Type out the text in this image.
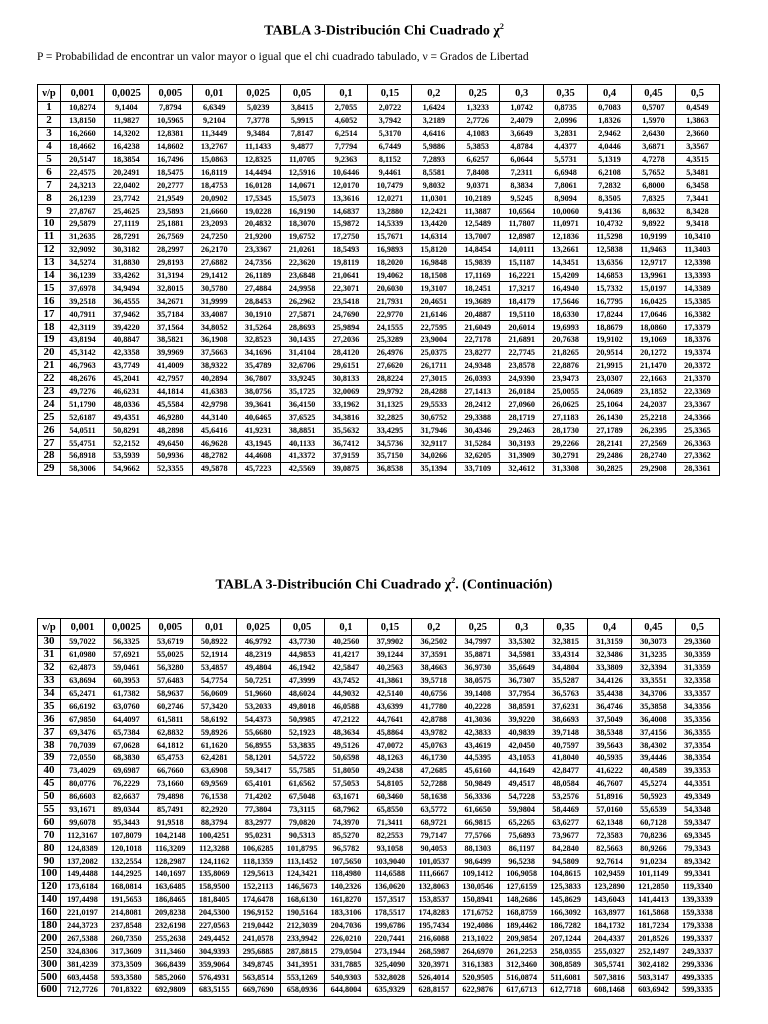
TABLA 3-Distribución Chi Cuadrado $\chi^2$
P = Probabilidad de encontrar un valor mayor o igual que el chi cuadrado tabulado, ν = Grados de Libertad
ν/p	0,001	0,0025	0,005	0,01	0,025	0,05	0,1	0,15	0,2	0,25	0,3	0,35	0,4	0,45	0,5
1	10,8274	9,1404	7,8794	6,6349	5,0239	3,8415	2,7055	2,0722	1,6424	1,3233	1,0742	0,8735	0,7083	0,5707	0,4549
2	13,8150	11,9827	10,5965	9,2104	7,3778	5,9915	4,6052	3,7942	3,2189	2,7726	2,4079	2,0996	1,8326	1,5970	1,3863
3	16,2660	14,3202	12,8381	11,3449	9,3484	7,8147	6,2514	5,3170	4,6416	4,1083	3,6649	3,2831	2,9462	2,6430	2,3660
4	18,4662	16,4238	14,8602	13,2767	11,1433	9,4877	7,7794	6,7449	5,9886	5,3853	4,8784	4,4377	4,0446	3,6871	3,3567
5	20,5147	18,3854	16,7496	15,0863	12,8325	11,0705	9,2363	8,1152	7,2893	6,6257	6,0644	5,5731	5,1319	4,7278	4,3515
6	22,4575	20,2491	18,5475	16,8119	14,4494	12,5916	10,6446	9,4461	8,5581	7,8408	7,2311	6,6948	6,2108	5,7652	5,3481
7	24,3213	22,0402	20,2777	18,4753	16,0128	14,0671	12,0170	10,7479	9,8032	9,0371	8,3834	7,8061	7,2832	6,8000	6,3458
8	26,1239	23,7742	21,9549	20,0902	17,5345	15,5073	13,3616	12,0271	11,0301	10,2189	9,5245	8,9094	8,3505	7,8325	7,3441
9	27,8767	25,4625	23,5893	21,6660	19,0228	16,9190	14,6837	13,2880	12,2421	11,3887	10,6564	10,0060	9,4136	8,8632	8,3428
10	29,5879	27,1119	25,1881	23,2093	20,4832	18,3070	15,9872	14,5339	13,4420	12,5489	11,7807	11,0971	10,4732	9,8922	9,3418
11	31,2635	28,7291	26,7569	24,7250	21,9200	19,6752	17,2750	15,7671	14,6314	13,7007	12,8987	12,1836	11,5298	10,9199	10,3410
12	32,9092	30,3182	28,2997	26,2170	23,3367	21,0261	18,5493	16,9893	15,8120	14,8454	14,0111	13,2661	12,5838	11,9463	11,3403
13	34,5274	31,8830	29,8193	27,6882	24,7356	22,3620	19,8119	18,2020	16,9848	15,9839	15,1187	14,3451	13,6356	12,9717	12,3398
14	36,1239	33,4262	31,3194	29,1412	26,1189	23,6848	21,0641	19,4062	18,1508	17,1169	16,2221	15,4209	14,6853	13,9961	13,3393
15	37,6978	34,9494	32,8015	30,5780	27,4884	24,9958	22,3071	20,6030	19,3107	18,2451	17,3217	16,4940	15,7332	15,0197	14,3389
16	39,2518	36,4555	34,2671	31,9999	28,8453	26,2962	23,5418	21,7931	20,4651	19,3689	18,4179	17,5646	16,7795	16,0425	15,3385
17	40,7911	37,9462	35,7184	33,4087	30,1910	27,5871	24,7690	22,9770	21,6146	20,4887	19,5110	18,6330	17,8244	17,0646	16,3382
18	42,3119	39,4220	37,1564	34,8052	31,5264	28,8693	25,9894	24,1555	22,7595	21,6049	20,6014	19,6993	18,8679	18,0860	17,3379
19	43,8194	40,8847	38,5821	36,1908	32,8523	30,1435	27,2036	25,3289	23,9004	22,7178	21,6891	20,7638	19,9102	19,1069	18,3376
20	45,3142	42,3358	39,9969	37,5663	34,1696	31,4104	28,4120	26,4976	25,0375	23,8277	22,7745	21,8265	20,9514	20,1272	19,3374
21	46,7963	43,7749	41,4009	38,9322	35,4789	32,6706	29,6151	27,6620	26,1711	24,9348	23,8578	22,8876	21,9915	21,1470	20,3372
22	48,2676	45,2041	42,7957	40,2894	36,7807	33,9245	30,8133	28,8224	27,3015	26,0393	24,9390	23,9473	23,0307	22,1663	21,3370
23	49,7276	46,6231	44,1814	41,6383	38,0756	35,1725	32,0069	29,9792	28,4288	27,1413	26,0184	25,0055	24,0689	23,1852	22,3369
24	51,1790	48,0336	45,5584	42,9798	39,3641	36,4150	33,1962	31,1325	29,5533	28,2412	27,0960	26,0625	25,1064	24,2037	23,3367
25	52,6187	49,4351	46,9280	44,3140	40,6465	37,6525	34,3816	32,2825	30,6752	29,3388	28,1719	27,1183	26,1430	25,2218	24,3366
26	54,0511	50,8291	48,2898	45,6416	41,9231	38,8851	35,5632	33,4295	31,7946	30,4346	29,2463	28,1730	27,1789	26,2395	25,3365
27	55,4751	52,2152	49,6450	46,9628	43,1945	40,1133	36,7412	34,5736	32,9117	31,5284	30,3193	29,2266	28,2141	27,2569	26,3363
28	56,8918	53,5939	50,9936	48,2782	44,4608	41,3372	37,9159	35,7150	34,0266	32,6205	31,3909	30,2791	29,2486	28,2740	27,3362
29	58,3006	54,9662	52,3355	49,5878	45,7223	42,5569	39,0875	36,8538	35,1394	33,7109	32,4612	31,3308	30,2825	29,2908	28,3361
TABLA 3-Distribución Chi Cuadrado $\chi^2$. (Continuación)
ν/p	0,001	0,0025	0,005	0,01	0,025	0,05	0,1	0,15	0,2	0,25	0,3	0,35	0,4	0,45	0,5
30	59,7022	56,3325	53,6719	50,8922	46,9792	43,7730	40,2560	37,9902	36,2502	34,7997	33,5302	32,3815	31,3159	30,3073	29,3360
31	61,0980	57,6921	55,0025	52,1914	48,2319	44,9853	41,4217	39,1244	37,3591	35,8871	34,5981	33,4314	32,3486	31,3235	30,3359
32	62,4873	59,0461	56,3280	53,4857	49,4804	46,1942	42,5847	40,2563	38,4663	36,9730	35,6649	34,4804	33,3809	32,3394	31,3359
33	63,8694	60,3953	57,6483	54,7754	50,7251	47,3999	43,7452	41,3861	39,5718	38,0575	36,7307	35,5287	34,4126	33,3551	32,3358
34	65,2471	61,7382	58,9637	56,0609	51,9660	48,6024	44,9032	42,5140	40,6756	39,1408	37,7954	36,5763	35,4438	34,3706	33,3357
35	66,6192	63,0760	60,2746	57,3420	53,2033	49,8018	46,0588	43,6399	41,7780	40,2228	38,8591	37,6231	36,4746	35,3858	34,3356
36	67,9850	64,4097	61,5811	58,6192	54,4373	50,9985	47,2122	44,7641	42,8788	41,3036	39,9220	38,6693	37,5049	36,4008	35,3356
37	69,3476	65,7384	62,8832	59,8926	55,6680	52,1923	48,3634	45,8864	43,9782	42,3833	40,9839	39,7148	38,5348	37,4156	36,3355
38	70,7039	67,0628	64,1812	61,1620	56,8955	53,3835	49,5126	47,0072	45,0763	43,4619	42,0450	40,7597	39,5643	38,4302	37,3354
39	72,0550	68,3830	65,4753	62,4281	58,1201	54,5722	50,6598	48,1263	46,1730	44,5395	43,1053	41,8040	40,5935	39,4446	38,3354
40	73,4029	69,6987	66,7660	63,6908	59,3417	55,7585	51,8050	49,2438	47,2685	45,6160	44,1649	42,8477	41,6222	40,4589	39,3353
45	80,0776	76,2229	73,1660	69,9569	65,4101	61,6562	57,5053	54,8105	52,7288	50,9849	49,4517	48,0584	46,7607	45,5274	44,3351
50	86,6603	82,6637	79,4898	76,1538	71,4202	67,5048	63,1671	60,3460	58,1638	56,3336	54,7228	53,2576	51,8916	50,5923	49,3349
55	93,1671	89,0344	85,7491	82,2920	77,3804	73,3115	68,7962	65,8550	63,5772	61,6650	59,9804	58,4469	57,0160	55,6539	54,3348
60	99,6078	95,3443	91,9518	88,3794	83,2977	79,0820	74,3970	71,3411	68,9721	66,9815	65,2265	63,6277	62,1348	60,7128	59,3347
70	112,3167	107,8079	104,2148	100,4251	95,0231	90,5313	85,5270	82,2553	79,7147	77,5766	75,6893	73,9677	72,3583	70,8236	69,3345
80	124,8389	120,1018	116,3209	112,3288	106,6285	101,8795	96,5782	93,1058	90,4053	88,1303	86,1197	84,2840	82,5663	80,9266	79,3343
90	137,2082	132,2554	128,2987	124,1162	118,1359	113,1452	107,5650	103,9040	101,0537	98,6499	96,5238	94,5809	92,7614	91,0234	89,3342
100	149,4488	144,2925	140,1697	135,8069	129,5613	124,3421	118,4980	114,6588	111,6667	109,1412	106,9058	104,8615	102,9459	101,1149	99,3341
120	173,6184	168,0814	163,6485	158,9500	152,2113	146,5673	140,2326	136,0620	132,8063	130,0546	127,6159	125,3833	123,2890	121,2850	119,3340
140	197,4498	191,5653	186,8465	181,8405	174,6478	168,6130	161,8270	157,3517	153,8537	150,8941	148,2686	145,8629	143,6043	141,4413	139,3339
160	221,0197	214,8081	209,8238	204,5300	196,9152	190,5164	183,3106	178,5517	174,8283	171,6752	168,8759	166,3092	163,8977	161,5868	159,3338
180	244,3723	237,8548	232,6198	227,0563	219,0442	212,3039	204,7036	199,6786	195,7434	192,4086	189,4462	186,7282	184,1732	181,7234	179,3338
200	267,5388	260,7350	255,2638	249,4452	241,0578	233,9942	226,0210	220,7441	216,6088	213,1022	209,9854	207,1244	204,4337	201,8526	199,3337
250	324,8306	317,3609	311,3460	304,9393	295,6885	287,8815	279,0504	273,1944	268,5987	264,6970	261,2253	258,0355	255,0327	252,1497	249,3337
300	381,4239	373,3509	366,8439	359,9064	349,8745	341,3951	331,7885	325,4090	320,3971	316,1383	312,3460	308,8589	305,5741	302,4182	299,3336
500	603,4458	593,3580	585,2060	576,4931	563,8514	553,1269	540,9303	532,8028	526,4014	520,9505	516,0874	511,6081	507,3816	503,3147	499,3335
600	712,7726	701,8322	692,9809	683,5155	669,7690	658,0936	644,8004	635,9329	628,8157	622,9876	617,6713	612,7718	608,1468	603,6942	599,3335
